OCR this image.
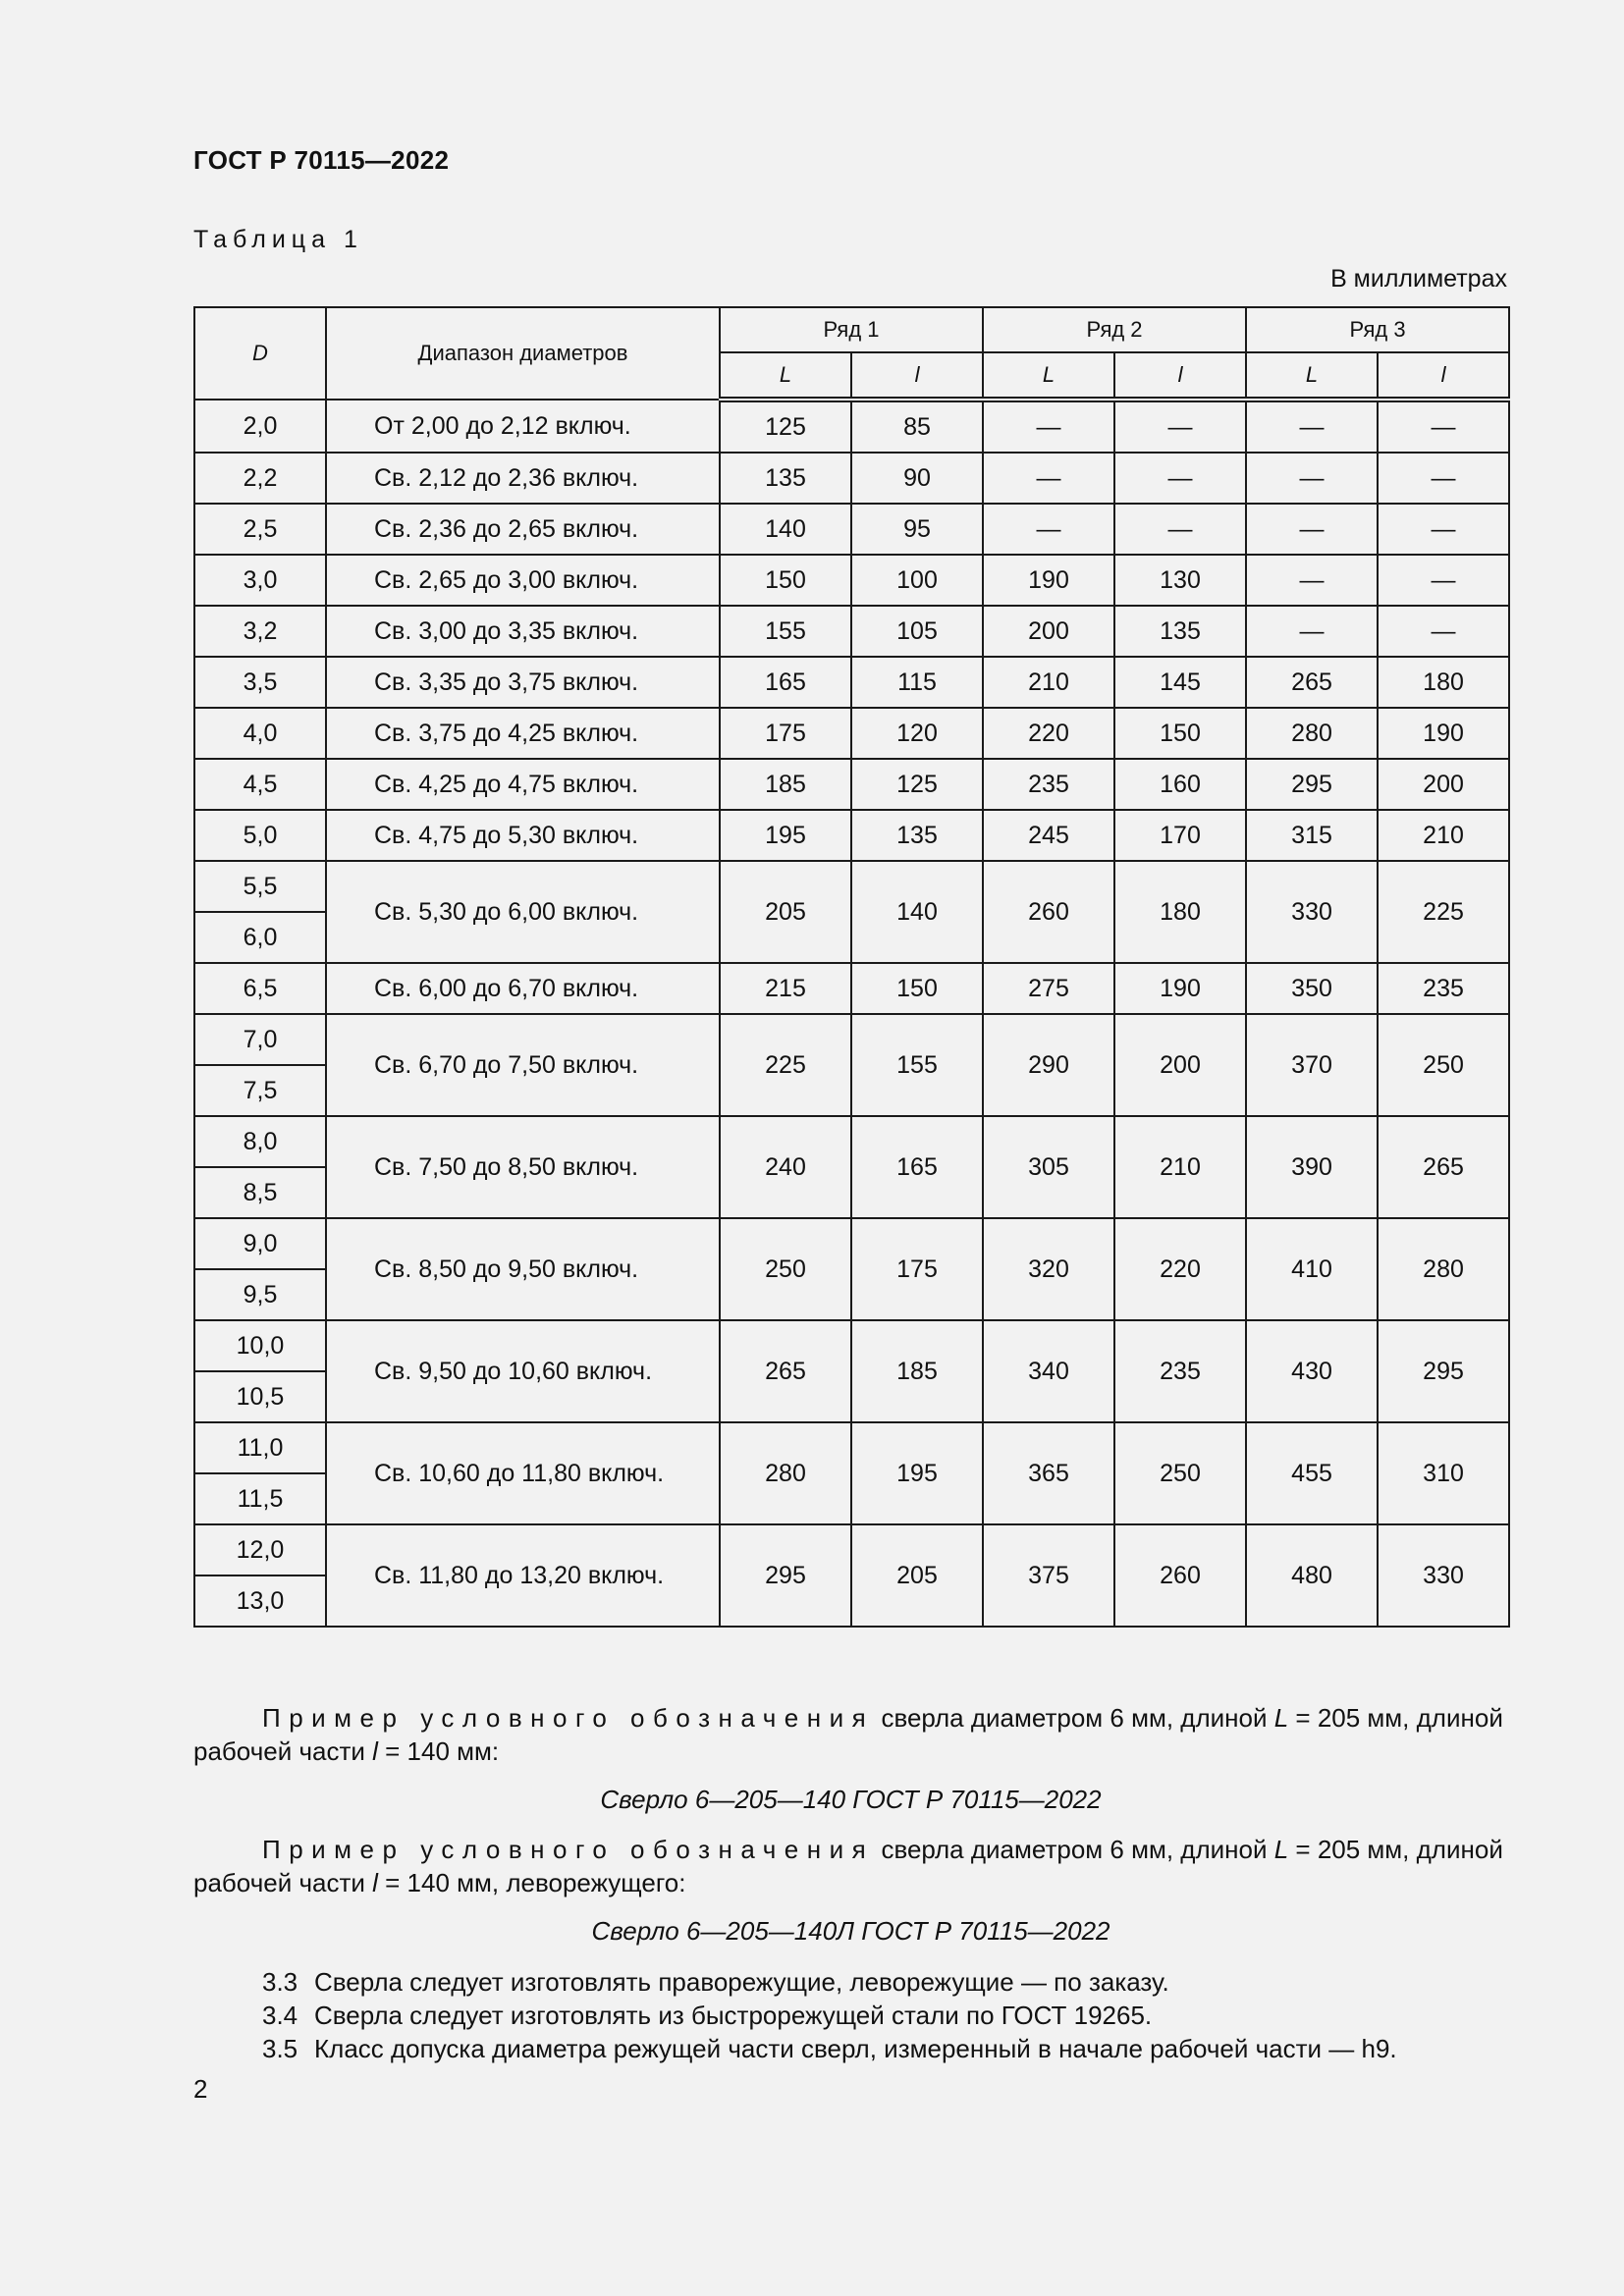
ГОСТ Р 70115—2022
Таблица 1
В миллиметрах
D	Диапазон диаметров	Ряд 1		Ряд 2		Ряд 3	
		L	l	L	l	L	l
2,0	От 2,00 до 2,12 включ.	125	85	—	—	—	—
2,2	Св. 2,12 до 2,36 включ.	135	90	—	—	—	—
2,5	Св. 2,36 до 2,65 включ.	140	95	—	—	—	—
3,0	Св. 2,65 до 3,00 включ.	150	100	190	130	—	—
3,2	Св. 3,00 до 3,35 включ.	155	105	200	135	—	—
3,5	Св. 3,35 до 3,75 включ.	165	115	210	145	265	180
4,0	Св. 3,75 до 4,25 включ.	175	120	220	150	280	190
4,5	Св. 4,25 до 4,75 включ.	185	125	235	160	295	200
5,0	Св. 4,75 до 5,30 включ.	195	135	245	170	315	210
5,5	Св. 5,30 до 6,00 включ.	205	140	260	180	330	225
6,0							
6,5	Св. 6,00 до 6,70 включ.	215	150	275	190	350	235
7,0	Св. 6,70 до 7,50 включ.	225	155	290	200	370	250
7,5							
8,0	Св. 7,50 до 8,50 включ.	240	165	305	210	390	265
8,5							
9,0	Св. 8,50 до 9,50 включ.	250	175	320	220	410	280
9,5							
10,0	Св. 9,50 до 10,60 включ.	265	185	340	235	430	295
10,5							
11,0	Св. 10,60 до 11,80 включ.	280	195	365	250	455	310
11,5							
12,0	Св. 11,80 до 13,20 включ.	295	205	375	260	480	330
13,0							
Пример условного обозначения сверла диаметром 6 мм, длиной L = 205 мм, длиной рабочей части l = 140 мм:
Сверло 6—205—140 ГОСТ Р 70115—2022
Пример условного обозначения сверла диаметром 6 мм, длиной L = 205 мм, длиной рабочей части l = 140 мм, леворежущего:
Сверло 6—205—140Л ГОСТ Р 70115—2022
3.3 Сверла следует изготовлять праворежущие, леворежущие — по заказу.
3.4 Сверла следует изготовлять из быстрорежущей стали по ГОСТ 19265.
3.5 Класс допуска диаметра режущей части сверл, измеренный в начале рабочей части — h9.
2
